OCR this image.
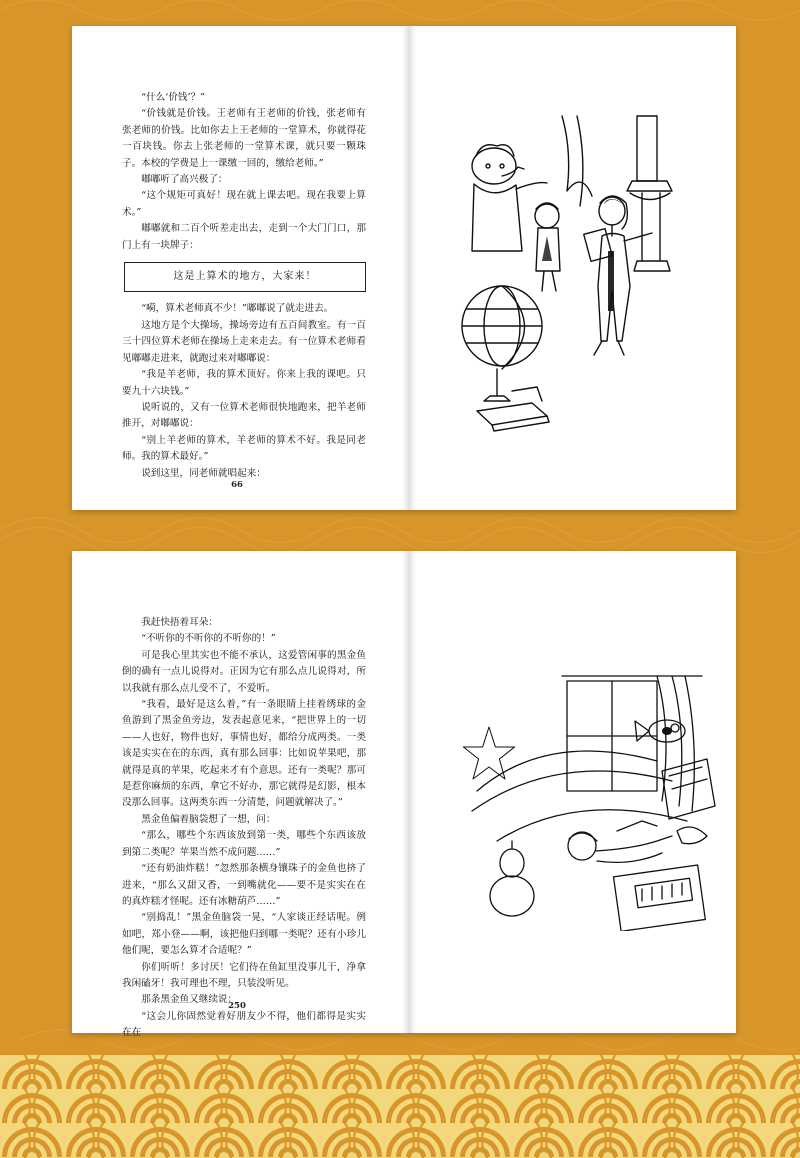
“什么‘价钱’？”

“价钱就是价钱。王老师有王老师的价钱，张老师有张老师的价钱。比如你去上王老师的一堂算术，你就得花一百块钱。你去上张老师的一堂算术课，就只要一颗珠子。本校的学费是上一课缴一回的，缴给老师。”

嘟嘟听了高兴极了：

“这个规矩可真好！现在就上课去吧。现在我要上算术。”

嘟嘟就和二百个听差走出去，走到一个大门门口，那门上有一块牌子：

这是上算术的地方，大家来！

“嗬，算术老师真不少！”嘟嘟说了就走进去。

这地方是个大操场，操场旁边有五百间教室。有一百三十四位算术老师在操场上走来走去。有一位算术老师看见嘟嘟走进来，就跑过来对嘟嘟说：

“我是羊老师，我的算术顶好。你来上我的课吧。只要九十六块钱。”

说听说的，又有一位算术老师很快地跑来，把羊老师推开，对嘟嘟说：

“别上羊老师的算术，羊老师的算术不好。我是同老师。我的算术最好。”

说到这里，同老师就唱起来：

66

我赶快捂着耳朵：

“不听你的不听你的不听你的！”

可是我心里其实也不能不承认，这爱管闲事的黑金鱼倒的确有一点儿说得对。正因为它有那么点儿说得对，所以我就有那么点儿受不了，不爱听。

“我看，最好是这么着，”有一条眼睛上挂着绣球的金鱼游到了黑金鱼旁边，发表起意见来，“把世界上的一切——人也好，物件也好，事情也好，都给分成两类。一类该是实实在在的东西，真有那么回事：比如说苹果吧，那就得是真的苹果，吃起来才有个意思。还有一类呢？那可是惹你麻烦的东西，拿它不好办，那它就得是幻影，根本没那么回事。这两类东西一分清楚，问题就解决了。”

黑金鱼偏着脑袋想了一想，问：

“那么，哪些个东西该放到第一类，哪些个东西该放到第二类呢？苹果当然不成问题……”

“还有奶油炸糕！”忽然那条横身镶珠子的金鱼也挤了进来，“那么又甜又香，一到嘴就化——要不是实实在在的真炸糕才怪呢。还有冰糖葫芦……”

“别捣乱！”黑金鱼脑袋一晃，“人家谈正经话呢。例如吧，郑小登——啊，该把他归到哪一类呢？还有小珍儿他们呢，要怎么算才合适呢？”

你们听听！多讨厌！它们待在鱼缸里没事儿干，净拿我闲磕牙！我可理也不理，只装没听见。

那条黑金鱼又继续说：

“这会儿你固然觉着好朋友少不得，他们都得是实实在在

250
